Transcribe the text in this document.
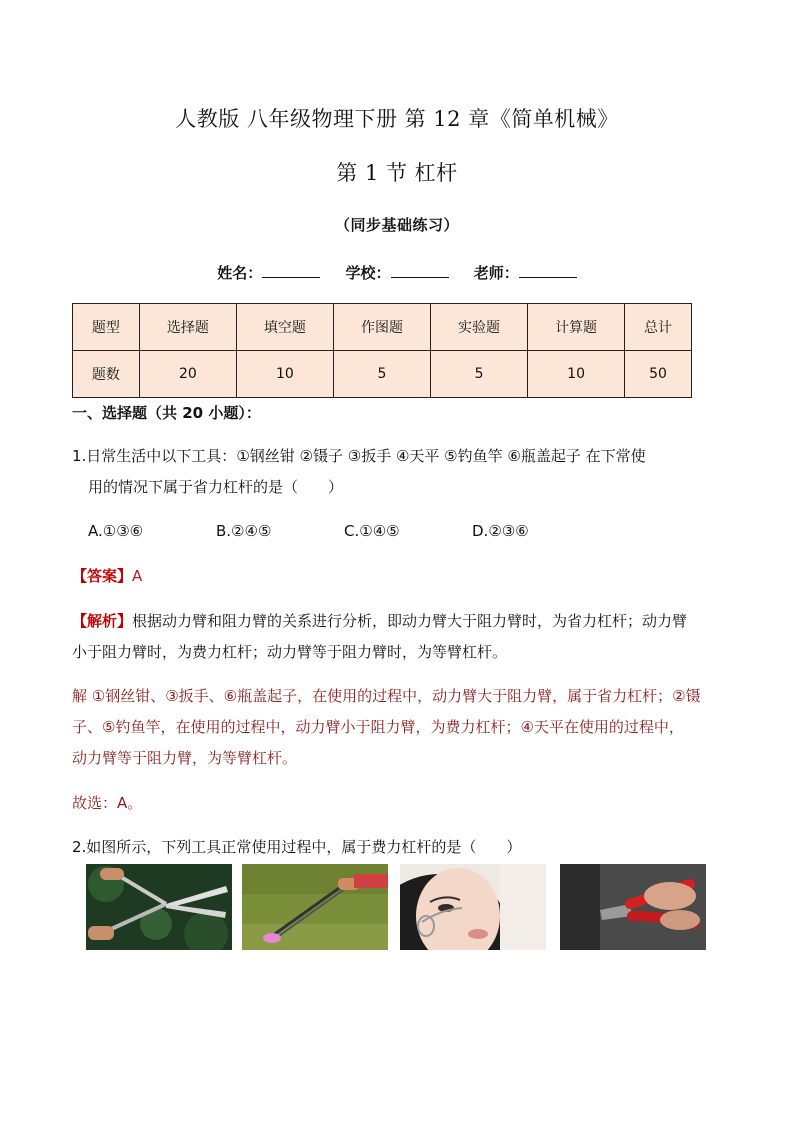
人教版 八年级物理下册 第 12 章《简单机械》
第 1 节 杠杆
（同步基础练习）
姓名：	学校：	老师：
题型	选择题	填空题	作图题	实验题	计算题	总计
题数	20	10	5	5	10	50
一、选择题（共 20 小题）：
1.日常生活中以下工具：①钢丝钳 ②镊子 ③扳手 ④天平 ⑤钓鱼竿 ⑥瓶盖起子 在下常使
用的情况下属于省力杠杆的是（　　）
A.①③⑥	B.②④⑤	C.①④⑤	D.②③⑥
【答案】A
【解析】根据动力臂和阻力臂的关系进行分析，即动力臂大于阻力臂时，为省力杠杆；动力臂
小于阻力臂时，为费力杠杆；动力臂等于阻力臂时，为等臂杠杆。
解 ①钢丝钳、③扳手、⑥瓶盖起子，在使用的过程中，动力臂大于阻力臂，属于省力杠杆；②镊
子、⑤钓鱼竿，在使用的过程中，动力臂小于阻力臂，为费力杠杆；④天平在使用的过程中，
动力臂等于阻力臂，为等臂杠杆。
故选：A。
2.如图所示，下列工具正常使用过程中，属于费力杠杆的是（　　）
